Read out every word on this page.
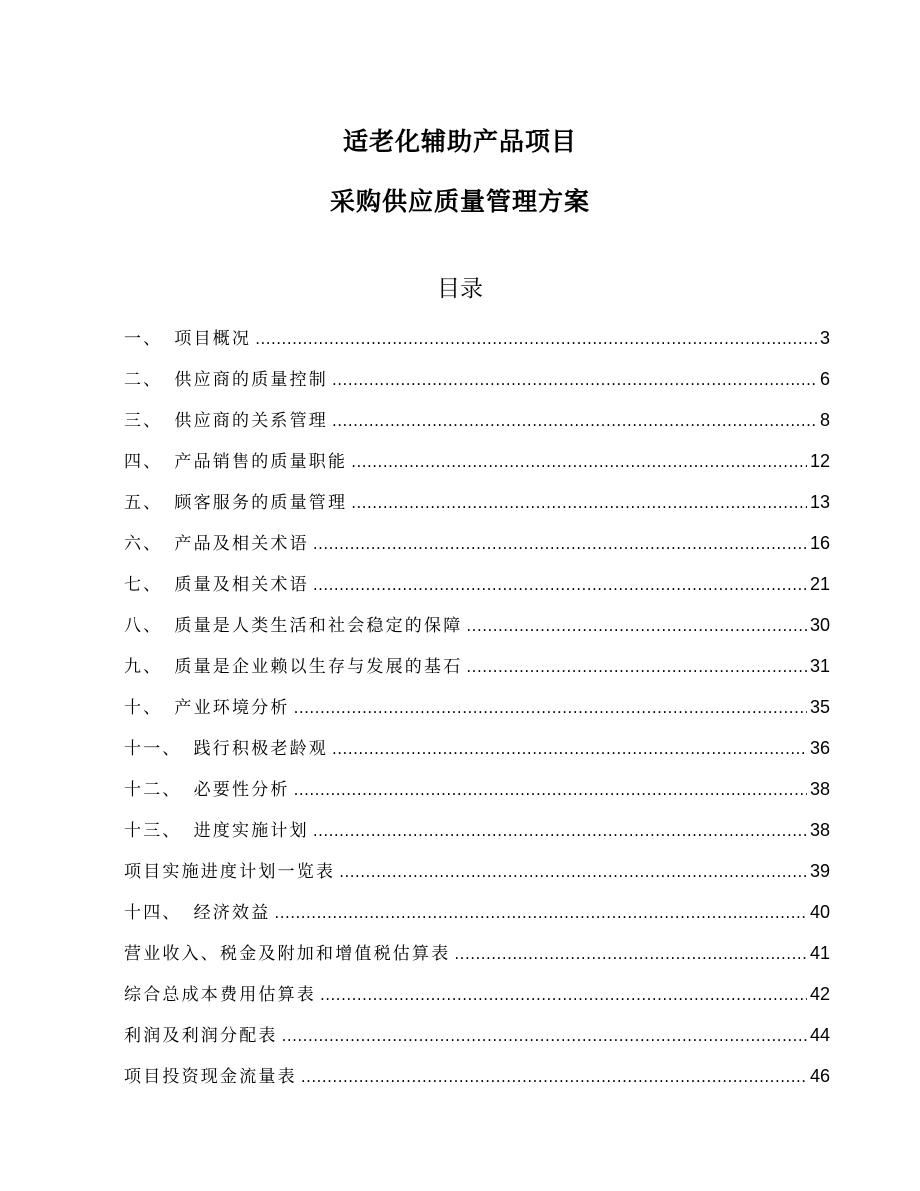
适老化辅助产品项目
采购供应质量管理方案
目录
一、 项目概况 .....	3
二、 供应商的质量控制 .....	6
三、 供应商的关系管理 .....	8
四、 产品销售的质量职能 .....	12
五、 顾客服务的质量管理 .....	13
六、 产品及相关术语 .....	16
七、 质量及相关术语 .....	21
八、 质量是人类生活和社会稳定的保障 .....	30
九、 质量是企业赖以生存与发展的基石 .....	31
十、 产业环境分析 .....	35
十一、 践行积极老龄观 .....	36
十二、 必要性分析 .....	38
十三、 进度实施计划 .....	38
项目实施进度计划一览表 .....	39
十四、 经济效益 .....	40
营业收入、税金及附加和增值税估算表 .....	41
综合总成本费用估算表 .....	42
利润及利润分配表 .....	44
项目投资现金流量表 .....	46
